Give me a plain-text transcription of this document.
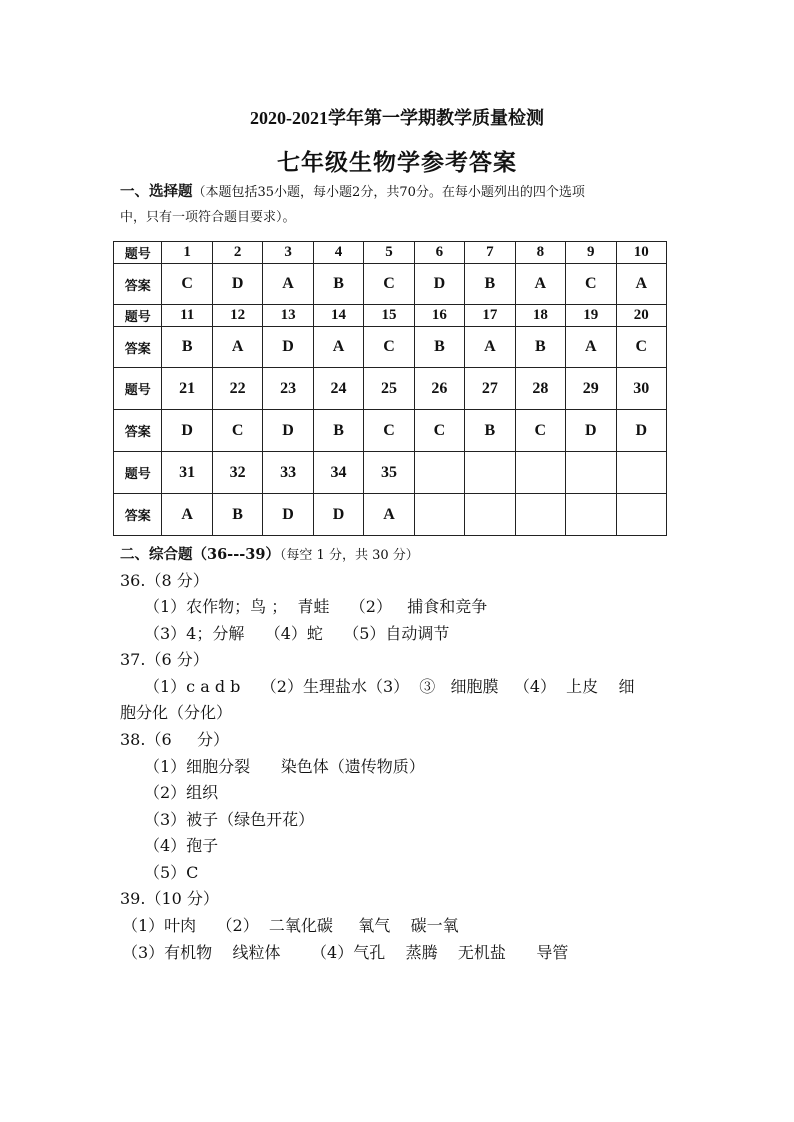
2020-2021学年第一学期教学质量检测
七年级生物学参考答案
一、选择题（本题包括35小题，每小题2分，共70分。在每小题列出的四个选项
中，只有一项符合题目要求）。
题号	1	2	3	4	5	6	7	8	9	10
答案	C	D	A	B	C	D	B	A	C	A
题号	11	12	13	14	15	16	17	18	19	20
答案	B	A	D	A	C	B	A	B	A	C
题号	21	22	23	24	25	26	27	28	29	30
答案	D	C	D	B	C	C	B	C	D	D
题号	31	32	33	34	35					
答案	A	B	D	D	A					
二、综合题（36---39）（每空 1 分，共 30 分）
36.（8 分）
（1）农作物；鸟 ；  青蛙    （2）   捕食和竞争
（3）4；分解    （4）蛇    （5）自动调节
37.（6 分）
（1）c a d b    （2）生理盐水（3）  ③   细胞膜   （4）  上皮    细
胞分化（分化）
38.（6     分）
（1）细胞分裂      染色体（遗传物质）
（2）组织
（3）被子（绿色开花）
（4）孢子
（5）C
39.（10 分）
（1）叶肉    （2）  二氧化碳     氧气    碳一氧
（3）有机物    线粒体      （4）气孔    蒸腾    无机盐      导管
